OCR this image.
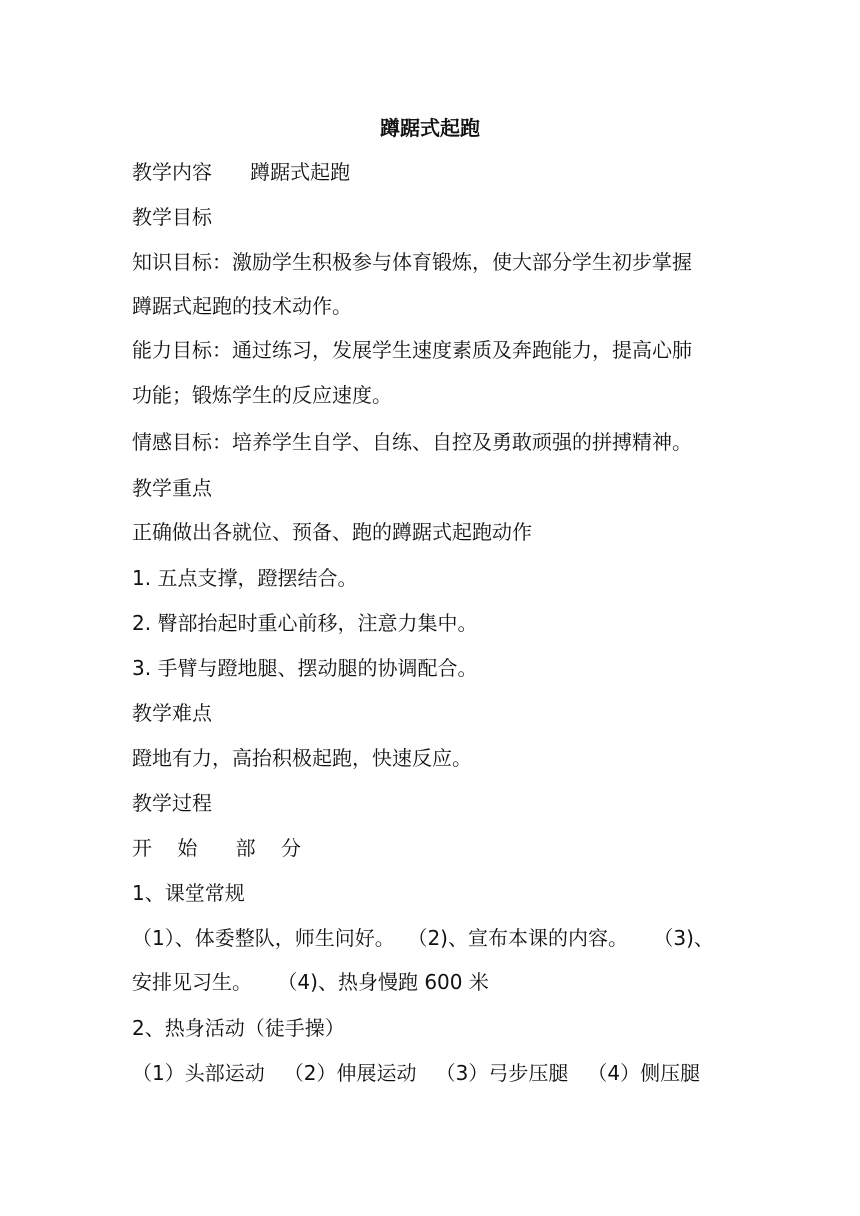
蹲踞式起跑
教学内容      蹲踞式起跑
教学目标
知识目标：激励学生积极参与体育锻炼，使大部分学生初步掌握
蹲踞式起跑的技术动作。
能力目标：通过练习，发展学生速度素质及奔跑能力，提高心肺
功能；锻炼学生的反应速度。
情感目标：培养学生自学、自练、自控及勇敢顽强的拼搏精神。
教学重点
正确做出各就位、预备、跑的蹲踞式起跑动作
1. 五点支撑，蹬摆结合。
2. 臀部抬起时重心前移，注意力集中。
3. 手臂与蹬地腿、摆动腿的协调配合。
教学难点
蹬地有力，高抬积极起跑，快速反应。
教学过程
开    始      部    分
1、课堂常规
（1）、体委整队，师生问好。  （2)、宣布本课的内容。    （3)、
安排见习生。    （4)、热身慢跑 600 米
2、热身活动（徒手操）
（1）头部运动   （2）伸展运动   （3）弓步压腿   （4）侧压腿
